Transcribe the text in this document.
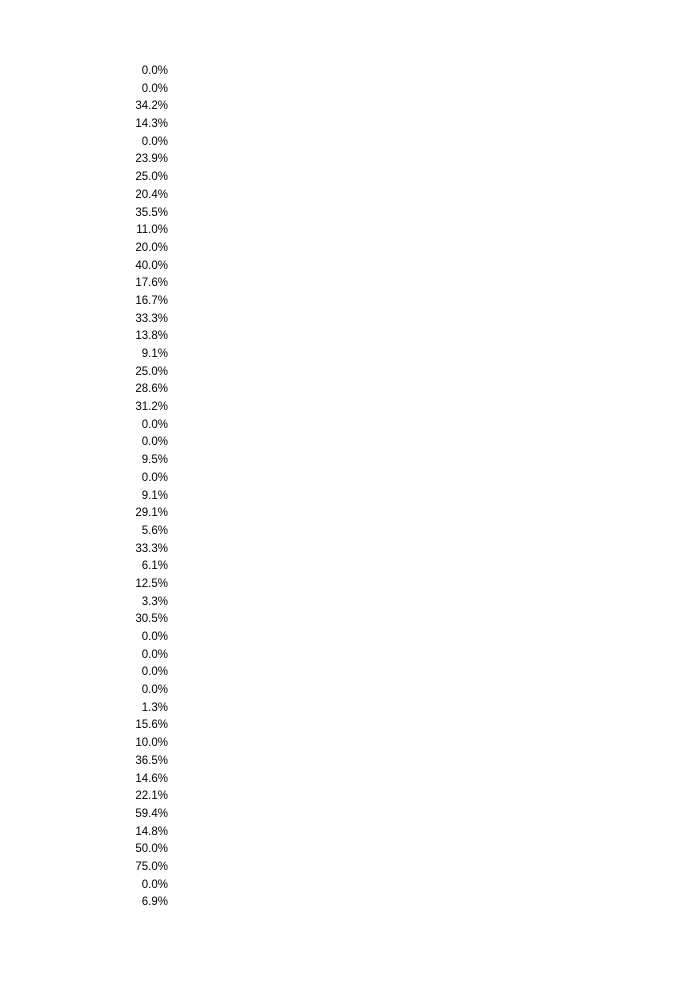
0.0%
0.0%
34.2%
14.3%
0.0%
23.9%
25.0%
20.4%
35.5%
11.0%
20.0%
40.0%
17.6%
16.7%
33.3%
13.8%
9.1%
25.0%
28.6%
31.2%
0.0%
0.0%
9.5%
0.0%
9.1%
29.1%
5.6%
33.3%
6.1%
12.5%
3.3%
30.5%
0.0%
0.0%
0.0%
0.0%
1.3%
15.6%
10.0%
36.5%
14.6%
22.1%
59.4%
14.8%
50.0%
75.0%
0.0%
6.9%
